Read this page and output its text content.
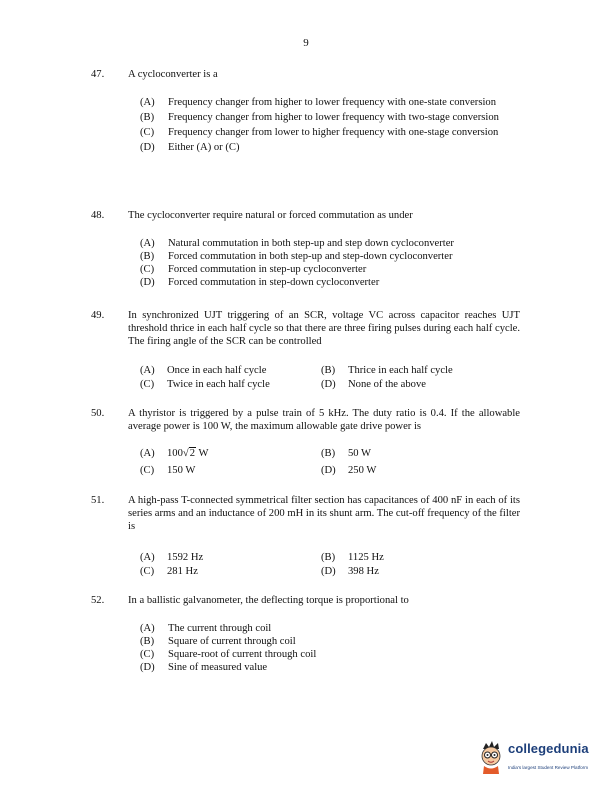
9
47.	A cycloconverter is a
(A) Frequency changer from higher to lower frequency with one-state conversion
(B) Frequency changer from higher to lower frequency with two-stage conversion
(C) Frequency changer from lower to higher frequency with one-stage conversion
(D) Either (A) or (C)
48.	The cycloconverter require natural or forced commutation as under
(A) Natural commutation in both step-up and step down cycloconverter
(B) Forced commutation in both step-up and step-down cycloconverter
(C) Forced commutation in step-up cycloconverter
(D) Forced commutation in step-down cycloconverter
49.	In synchronized UJT triggering of an SCR, voltage VC across capacitor reaches UJT threshold thrice in each half cycle so that there are three firing pulses during each half cycle. The firing angle of the SCR can be controlled
(A) Once in each half cycle	(B) Thrice in each half cycle
(C) Twice in each half cycle	(D) None of the above
50.	A thyristor is triggered by a pulse train of 5 kHz. The duty ratio is 0.4. If the allowable average power is 100 W, the maximum allowable gate drive power is
(A) 100√2 W	(B) 50 W
(C) 150 W	(D) 250 W
51.	A high-pass T-connected symmetrical filter section has capacitances of 400 nF in each of its series arms and an inductance of 200 mH in its shunt arm. The cut-off frequency of the filter is
(A) 1592 Hz	(B) 1125 Hz
(C) 281 Hz	(D) 398 Hz
52.	In a ballistic galvanometer, the deflecting torque is proportional to
(A) The current through coil
(B) Square of current through coil
(C) Square-root of current through coil
(D) Sine of measured value
collegedunia
India's largest Student Review Platform
